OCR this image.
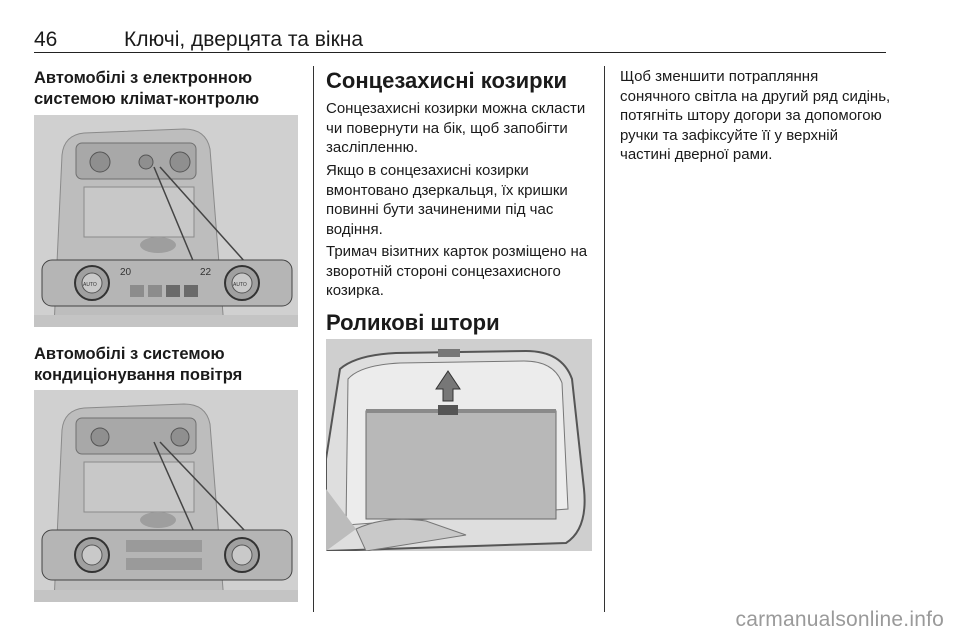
46	Ключі, дверцята та вікна

Автомобілі з електронною системою клімат-контролю

20	22
AUTO	AUTO

Автомобілі з системою кондиціонування повітря

Сонцезахисні козирки

Сонцезахисні козирки можна скласти чи повернути на бік, щоб запобігти засліпленню.

Якщо в сонцезахисні козирки вмонтовано дзеркальця, їх кришки повинні бути зачиненими під час водіння.

Тримач візитних карток розміщено на зворотній стороні сонцезахисного козирка.

Роликові штори

Щоб зменшити потрапляння сонячного світла на другий ряд сидінь, потягніть штору догори за допомогою ручки та зафіксуйте її у верхній частині дверної рами.

carmanualsonline.info
